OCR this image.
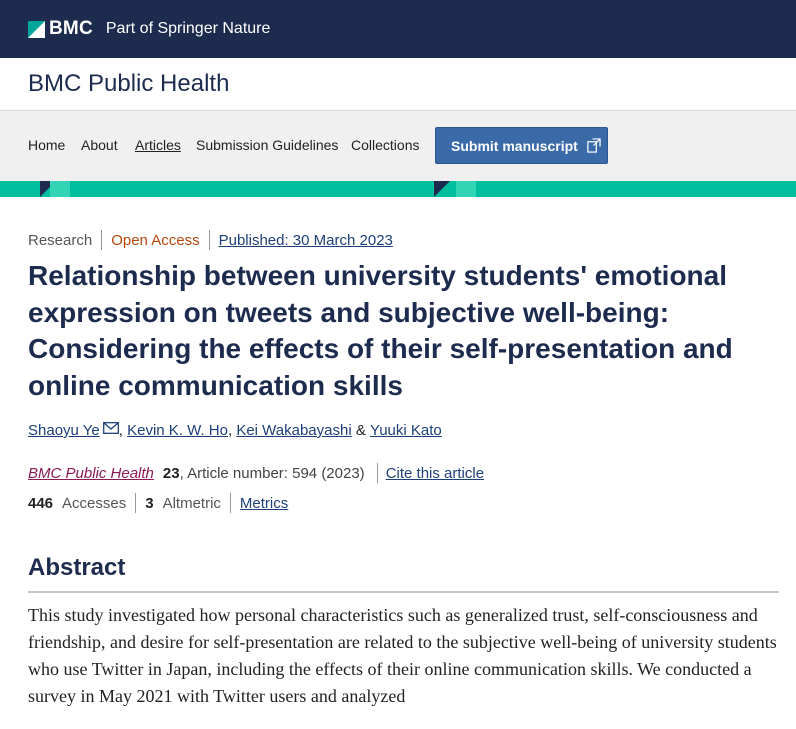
BMC Part of Springer Nature
BMC Public Health
Home About Articles Submission Guidelines Collections Submit manuscript
Research Open Access Published: 30 March 2023
Relationship between university students' emotional expression on tweets and subjective well-being: Considering the effects of their self-presentation and online communication skills
Shaoyu Ye ,
Kevin K. W. Ho ,
Kei Wakabayashi
&
Yuuki Kato
BMC Public Health 23 , Article number: 594 (2023) Cite this article
446 Accesses 3 Altmetric Metrics
Abstract

This study investigated how personal characteristics such as generalized trust, self-consciousness and friendship, and desire for self-presentation are related to the subjective well-being of university students who use Twitter in Japan, including the effects of their online communication skills. We conducted a survey in May 2021 with Twitter users and analyzed
